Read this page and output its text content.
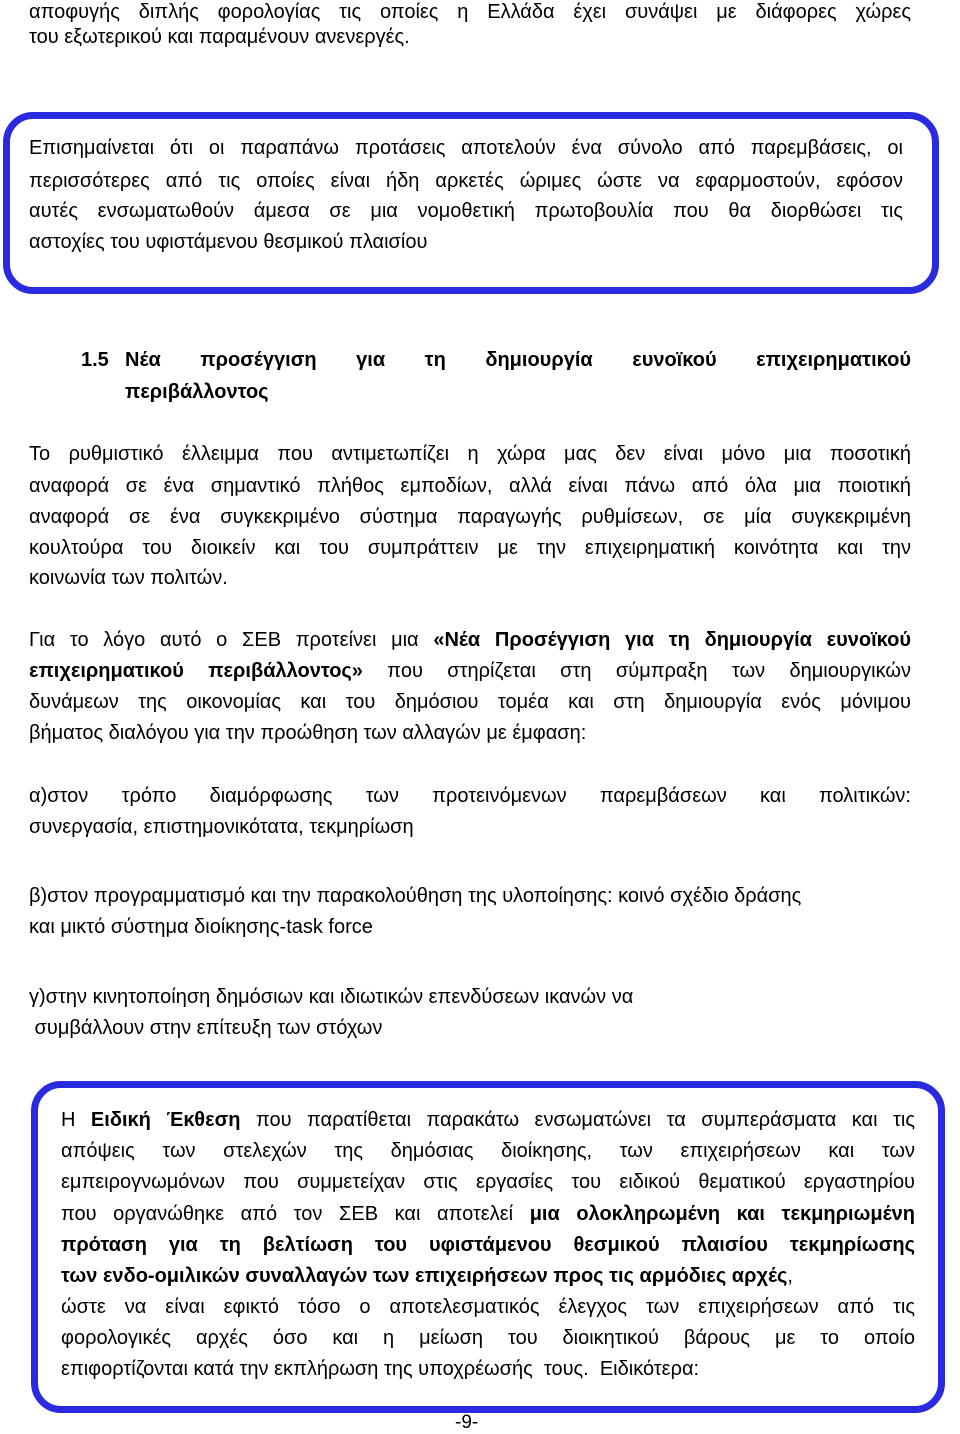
αποφυγής διπλής φορολογίας τις οποίες η Ελλάδα έχει συνάψει με διάφορες χώρες
του εξωτερικού και παραμένουν ανενεργές.
Επισημαίνεται ότι οι παραπάνω προτάσεις αποτελούν ένα σύνολο από παρεμβάσεις, οι
περισσότερες από τις οποίες είναι ήδη αρκετές ώριμες ώστε να εφαρμοστούν, εφόσον
αυτές ενσωματωθούν άμεσα σε μια νομοθετική πρωτοβουλία που θα διορθώσει τις
αστοχίες του υφιστάμενου θεσμικού πλαισίου
1.5 Νέα προσέγγιση για τη δημιουργία ευνοϊκού επιχειρηματικού
περιβάλλοντος
Το ρυθμιστικό έλλειμμα που αντιμετωπίζει η χώρα μας δεν είναι μόνο μια ποσοτική
αναφορά σε ένα σημαντικό πλήθος εμποδίων, αλλά είναι πάνω από όλα μια ποιοτική
αναφορά σε ένα συγκεκριμένο σύστημα παραγωγής ρυθμίσεων, σε μία συγκεκριμένη
κουλτούρα του διοικείν και του συμπράττειν με την επιχειρηματική κοινότητα και την
κοινωνία των πολιτών.
Για το λόγο αυτό ο ΣΕΒ προτείνει μια «Νέα Προσέγγιση για τη δημιουργία ευνοϊκού
επιχειρηματικού περιβάλλοντος» που στηρίζεται στη σύμπραξη των δημιουργικών
δυνάμεων της οικονομίας και του δημόσιου τομέα και στη δημιουργία ενός μόνιμου
βήματος διαλόγου για την προώθηση των αλλαγών με έμφαση:
α)στον τρόπο διαμόρφωσης των προτεινόμενων παρεμβάσεων και πολιτικών:
συνεργασία, επιστημονικότατα, τεκμηρίωση
β)στον προγραμματισμό και την παρακολούθηση της υλοποίησης: κοινό σχέδιο δράσης
και μικτό σύστημα διοίκησης-task force
γ)στην κινητοποίηση δημόσιων και ιδιωτικών επενδύσεων ικανών να
συμβάλλουν στην επίτευξη των στόχων
Η Ειδική Έκθεση που παρατίθεται παρακάτω ενσωματώνει τα συμπεράσματα και τις
απόψεις των στελεχών της δημόσιας διοίκησης, των επιχειρήσεων και των
εμπειρογνωμόνων που συμμετείχαν στις εργασίες του ειδικού θεματικού εργαστηρίου
που οργανώθηκε από τον ΣΕΒ και αποτελεί μια ολοκληρωμένη και τεκμηριωμένη
πρόταση για τη βελτίωση του υφιστάμενου θεσμικού πλαισίου τεκμηρίωσης
των ενδο-ομιλικών συναλλαγών των επιχειρήσεων προς τις αρμόδιες αρχές,
ώστε να είναι εφικτό τόσο ο αποτελεσματικός έλεγχος των επιχειρήσεων από τις
φορολογικές αρχές όσο και η μείωση του διοικητικού βάρους με το οποίο
επιφορτίζονται κατά την εκπλήρωση της υποχρέωσής  τους.  Ειδικότερα:
-9-
